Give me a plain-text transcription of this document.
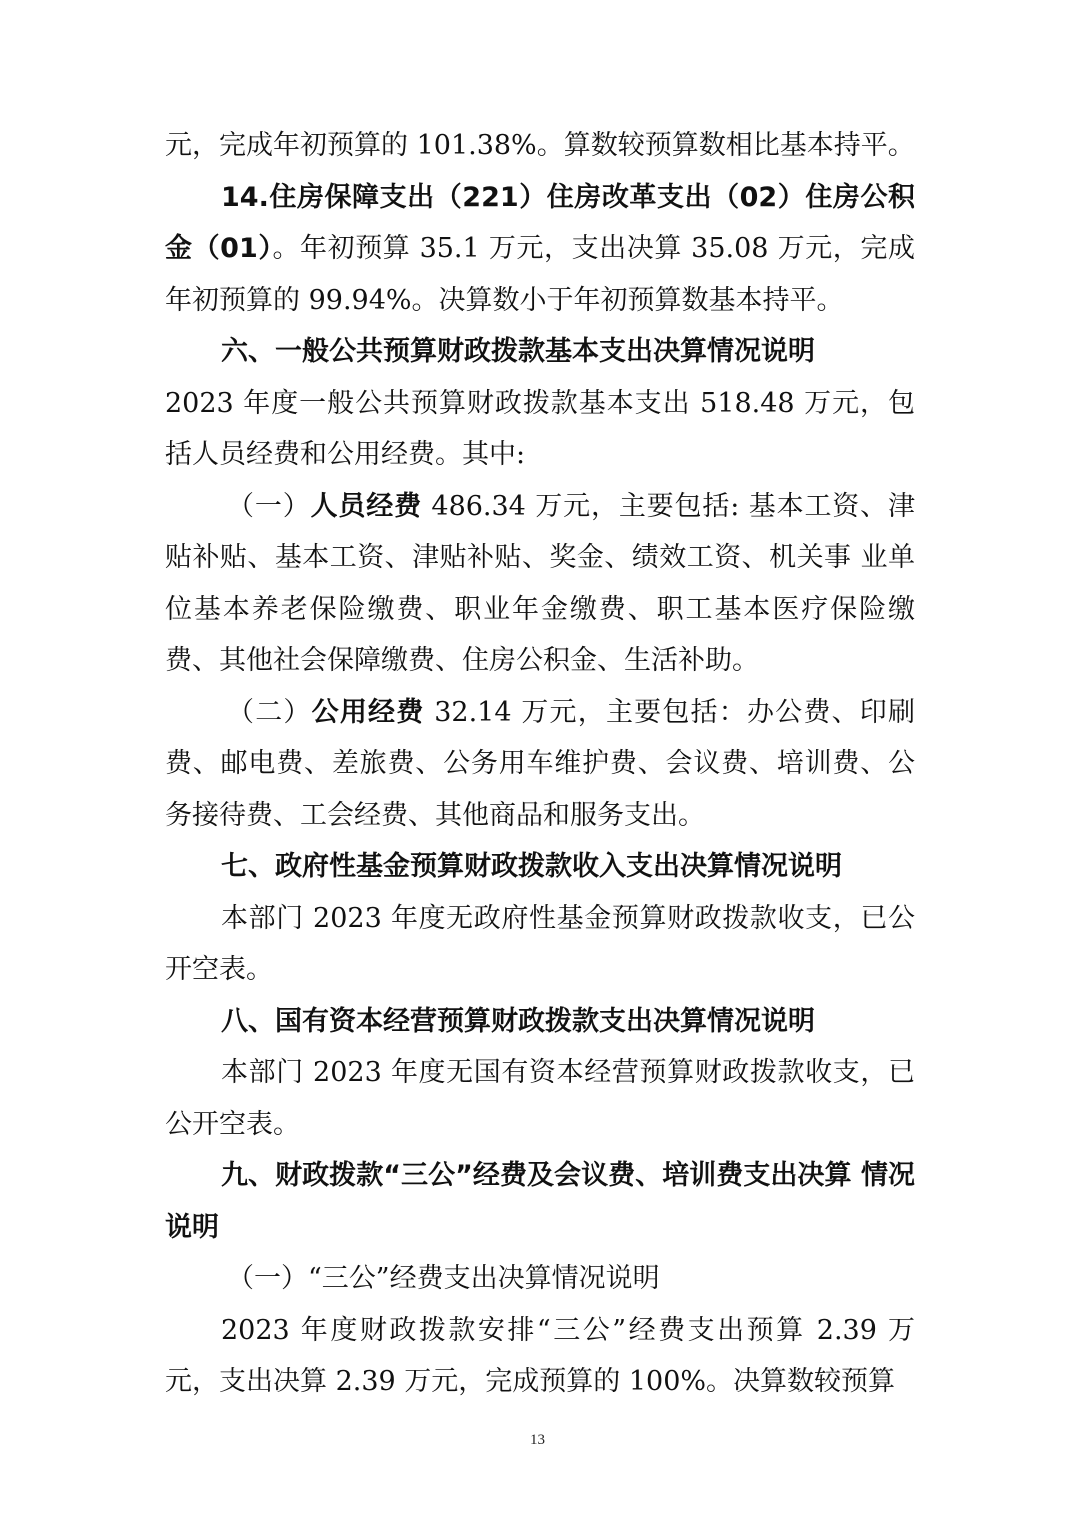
元，完成年初预算的 101.38%。算数较预算数相比基本持平。

14.住房保障支出（221）住房改革支出（02）住房公积金（01）。年初预算 35.1 万元，支出决算 35.08 万元，完成年初预算的 99.94%。决算数小于年初预算数基本持平。

六、一般公共预算财政拨款基本支出决算情况说明

2023 年度一般公共预算财政拨款基本支出 518.48 万元，包括人员经费和公用经费。其中:

（一）人员经费 486.34 万元，主要包括: 基本工资、津贴补贴、基本工资、津贴补贴、奖金、绩效工资、机关事 业单位基本养老保险缴费、职业年金缴费、职工基本医疗保险缴费、其他社会保障缴费、住房公积金、生活补助。

（二）公用经费 32.14 万元，主要包括：办公费、印刷费、邮电费、差旅费、公务用车维护费、会议费、培训费、公务接待费、工会经费、其他商品和服务支出。

七、政府性基金预算财政拨款收入支出决算情况说明

本部门 2023 年度无政府性基金预算财政拨款收支，已公开空表。

八、国有资本经营预算财政拨款支出决算情况说明

本部门 2023 年度无国有资本经营预算财政拨款收支，已公开空表。

九、财政拨款“三公”经费及会议费、培训费支出决算 情况说明

（一）“三公”经费支出决算情况说明

2023 年度财政拨款安排“三公”经费支出预算 2.39 万元，支出决算 2.39 万元，完成预算的 100%。决算数较预算

13
